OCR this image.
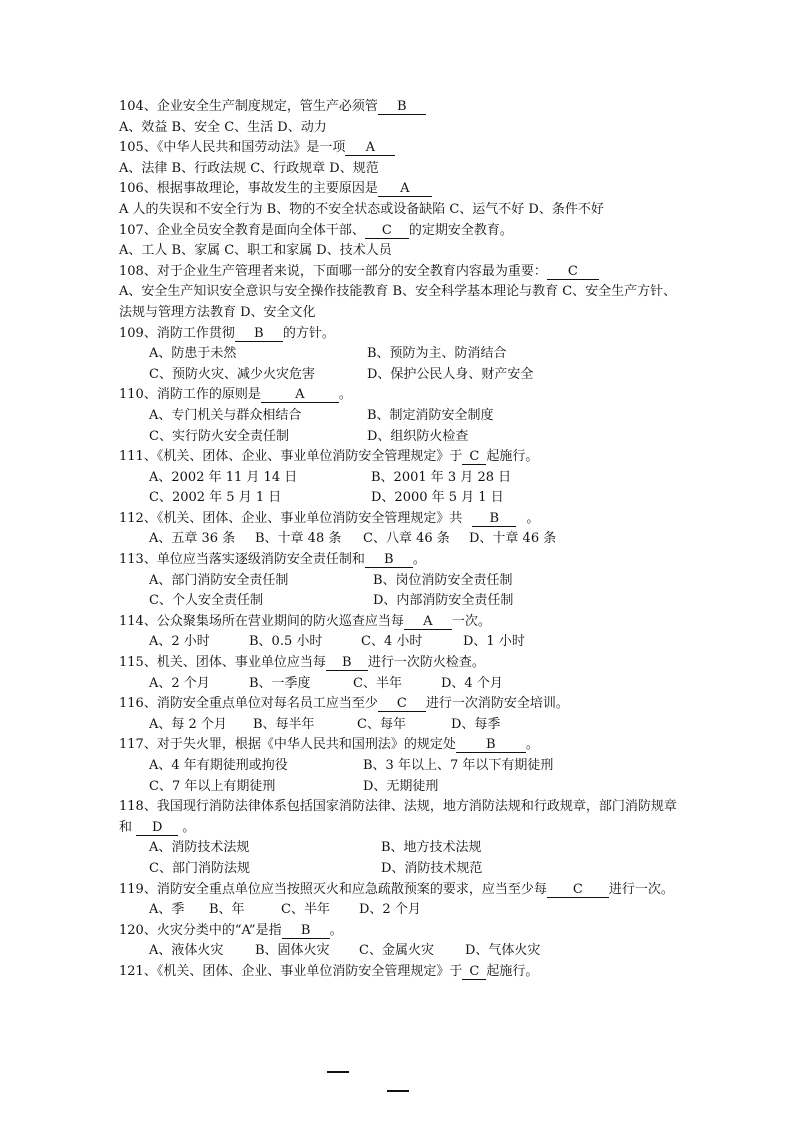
104、企业安全生产制度规定，管生产必须管 B
A、效益 B、安全 C、生活 D、动力
105、《中华人民共和国劳动法》是一项 A
A、法律 B、行政法规 C、行政规章 D、规范
106、根据事故理论，事故发生的主要原因是 A
A 人的失误和不安全行为 B、物的不安全状态或设备缺陷 C、运气不好 D、条件不好
107、企业全员安全教育是面向全体干部、 C 的定期安全教育。
A、工人 B、家属 C、职工和家属 D、技术人员
108、对于企业生产管理者来说，下面哪一部分的安全教育内容最为重要： C
A、安全生产知识安全意识与安全操作技能教育 B、安全科学基本理论与教育 C、安全生产方针、法规与管理方法教育 D、安全文化
109、消防工作贯彻 B 的方针。
A、防患于未然	B、预防为主、防消结合
C、预防火灾、减少火灾危害	D、保护公民人身、财产安全
110、消防工作的原则是	A	。
A、专门机关与群众相结合	B、制定消防安全制度
C、实行防火安全责任制	D、组织防火检查
111、《机关、团体、企业、事业单位消防安全管理规定》于 C 起施行。
A、2002 年 11 月 14 日	B、2001 年 3 月 28 日
C、2002 年 5 月 1 日	D、2000 年 5 月 1 日
112、《机关、团体、企业、事业单位消防安全管理规定》共 B 。
A、五章 36 条 B、十章 48 条 C、八章 46 条 D、十章 46 条
113、单位应当落实逐级消防安全责任制和 B 。
A、部门消防安全责任制	B、岗位消防安全责任制
C、个人安全责任制	D、内部消防安全责任制
114、公众聚集场所在营业期间的防火巡查应当每 A 一次。
A、2 小时	B、0.5 小时	C、4 小时	D、1 小时
115、机关、团体、事业单位应当每 B 进行一次防火检查。
A、2 个月	B、一季度	C、半年	D、4 个月
116、消防安全重点单位对每名员工应当至少 C 进行一次消防安全培训。
A、每 2 个月 B、每半年	C、每年	D、每季
117、对于失火罪，根据《中华人民共和国刑法》的规定处 B 。
A、4 年有期徒刑或拘役	B、3 年以上、7 年以下有期徒刑
C、7 年以上有期徒刑	D、无期徒刑
118、我国现行消防法律体系包括国家消防法律、法规，地方消防法规和行政规章，部门消防规章和 D 。
A、消防技术法规	B、地方技术法规
C、部门消防法规	D、消防技术规范
119、消防安全重点单位应当按照灭火和应急疏散预案的要求，应当至少每 C 进行一次。
A、季 B、年	C、半年 D、2 个月
120、火灾分类中的“A”是指 B 。
A、液体火灾 B、固体火灾 C、金属火灾 D、气体火灾
121、《机关、团体、企业、事业单位消防安全管理规定》于 C 起施行。
